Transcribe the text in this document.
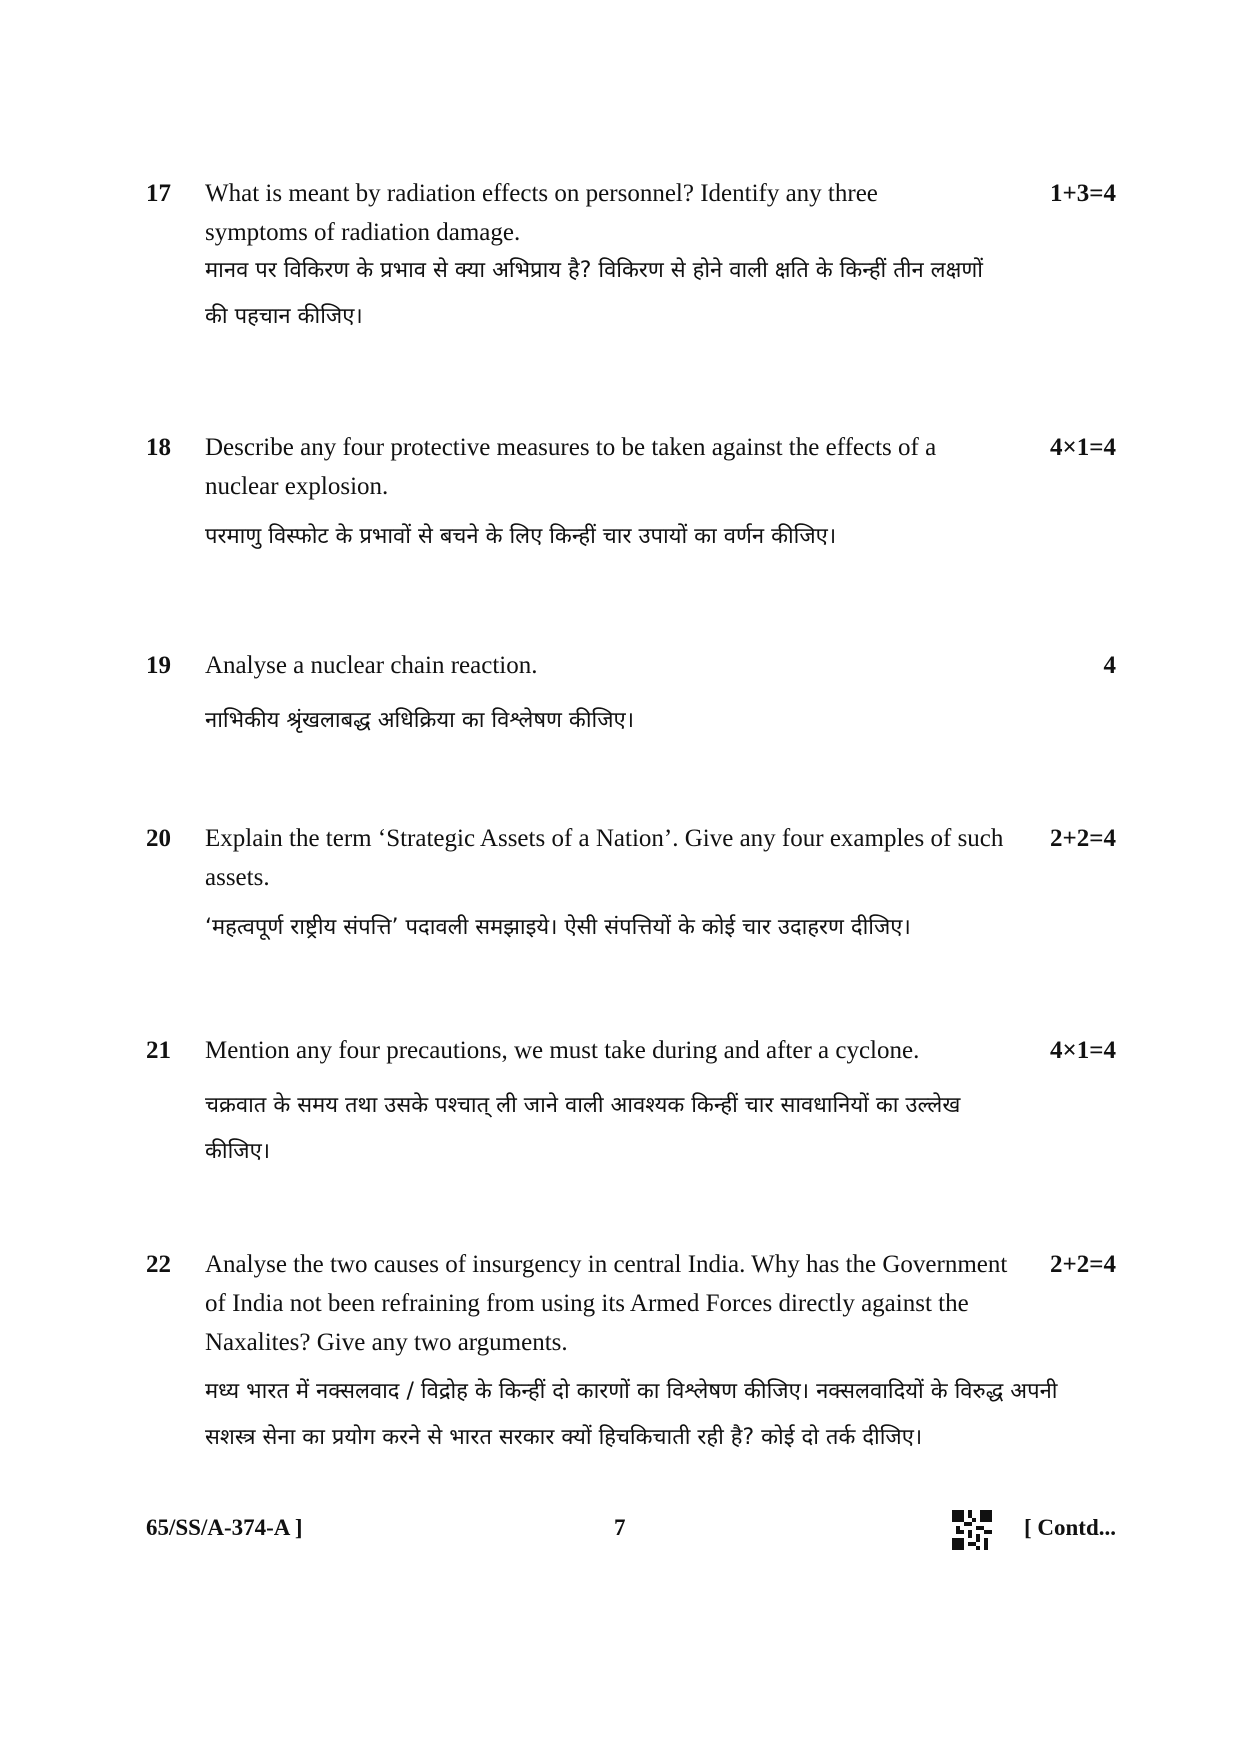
17 What is meant by radiation effects on personnel? Identify any three symptoms of radiation damage.
1+3=4
मानव पर विकिरण के प्रभाव से क्या अभिप्राय है? विकिरण से होने वाली क्षति के किन्हीं तीन लक्षणों की पहचान कीजिए।
18 Describe any four protective measures to be taken against the effects of a nuclear explosion.
4×1=4
परमाणु विस्फोट के प्रभावों से बचने के लिए किन्हीं चार उपायों का वर्णन कीजिए।
19 Analyse a nuclear chain reaction.	4
नाभिकीय श्रृंखलाबद्ध अधिक्रिया का विश्लेषण कीजिए।
20 Explain the term ‘Strategic Assets of a Nation’. Give any four examples of such assets.
2+2=4
‘महत्वपूर्ण राष्ट्रीय संपत्ति’ पदावली समझाइये। ऐसी संपत्तियों के कोई चार उदाहरण दीजिए।
21 Mention any four precautions, we must take during and after a cyclone.	4×1=4
चक्रवात के समय तथा उसके पश्चात् ली जाने वाली आवश्यक किन्हीं चार सावधानियों का उल्लेख कीजिए।
22 Analyse the two causes of insurgency in central India. Why has the Government of India not been refraining from using its Armed Forces directly against the Naxalites? Give any two arguments.
2+2=4
मध्य भारत में नक्सलवाद / विद्रोह के किन्हीं दो कारणों का विश्लेषण कीजिए। नक्सलवादियों के विरुद्ध अपनी सशस्त्र सेना का प्रयोग करने से भारत सरकार क्यों हिचकिचाती रही है? कोई दो तर्क दीजिए।
65/SS/A-374-A ]	7	[ Contd...
